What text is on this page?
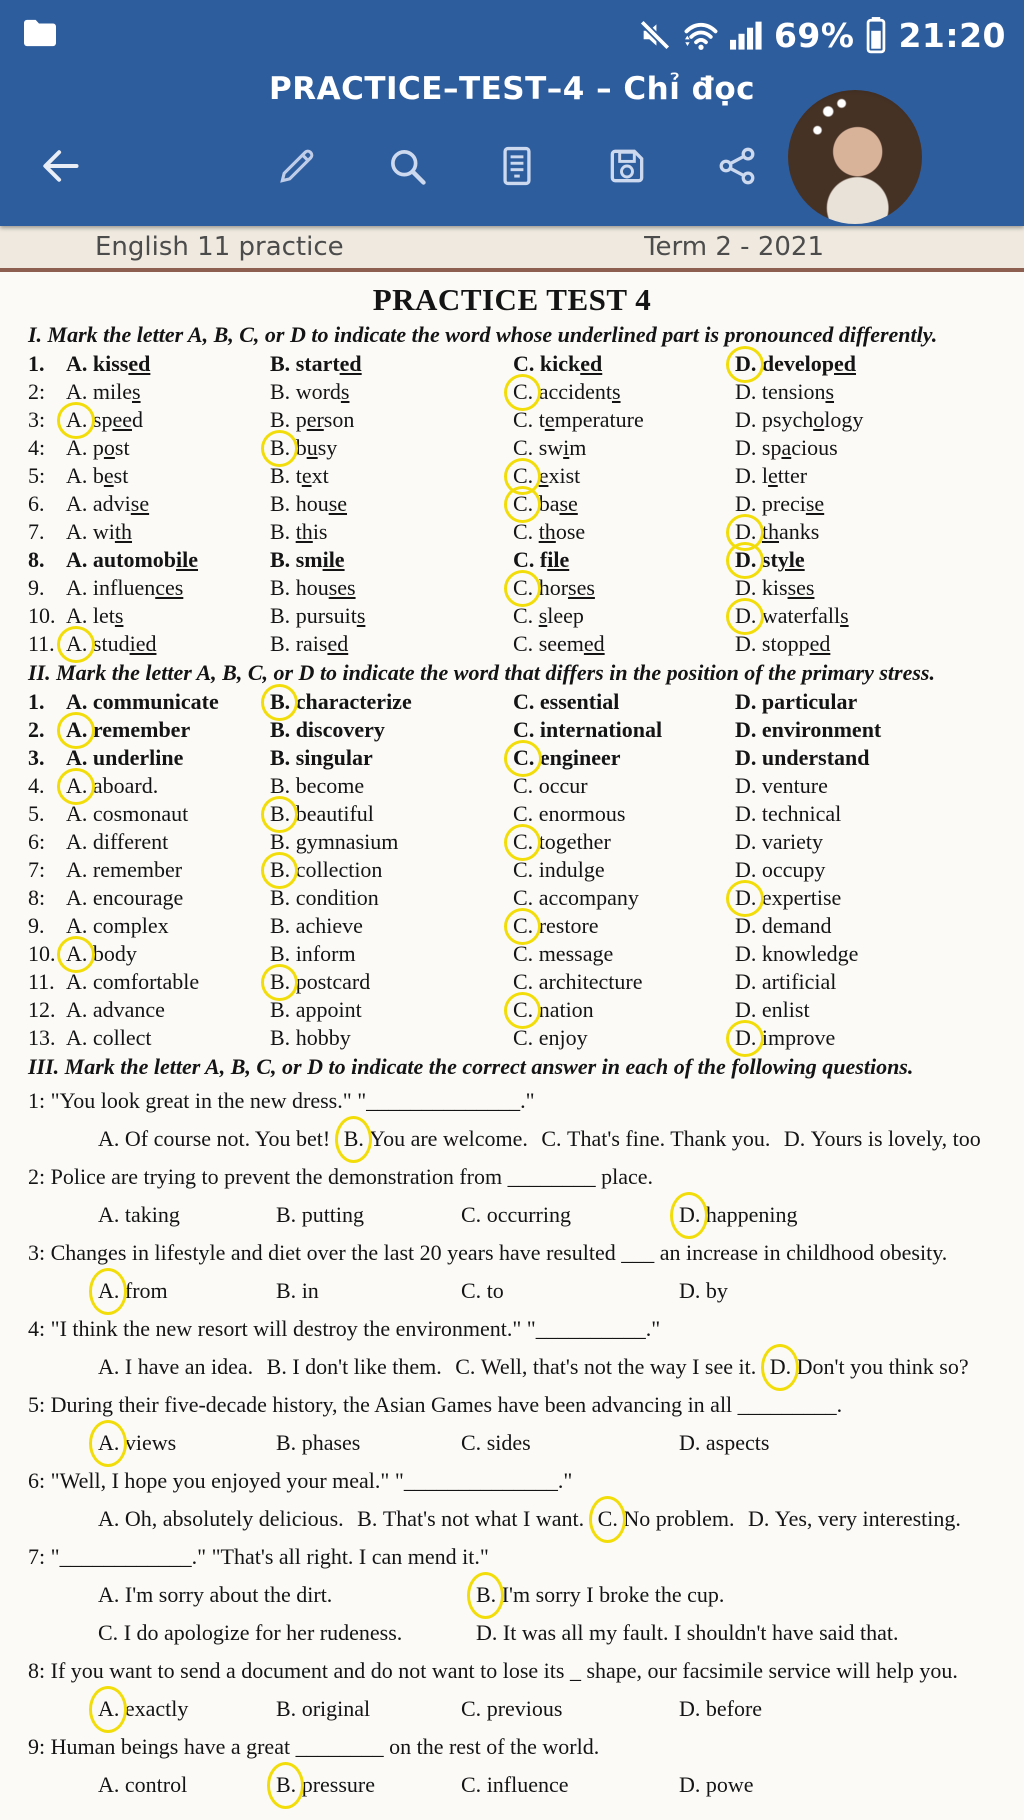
69% 21:20
PRACTICE–TEST–4 – Chỉ đọc
English 11 practice	Term 2 - 2021
PRACTICE TEST 4
I. Mark the letter A, B, C, or D to indicate the word whose underlined part is pronounced differently.
1. A. kissed	B. started	C. kicked	D. developed
2: A. miles	B. words	C. accidents	D. tensions
3: A. speed	B. person	C. temperature	D. psychology
4: A. post	B. busy	C. swim	D. spacious
5: A. best	B. text	C. exist	D. letter
6. A. advise	B. house	C. base	D. precise
7. A. with	B. this	C. those	D. thanks
8. A. automobile	B. smile	C. file	D. style
9. A. influences	B. houses	C. horses	D. kisses
10. A. lets	B. pursuits	C. sleep	D. waterfalls
11. A. studied	B. raised	C. seemed	D. stopped
II. Mark the letter A, B, C, or D to indicate the word that differs in the position of the primary stress.
1. A. communicate	B. characterize	C. essential	D. particular
2. A. remember	B. discovery	C. international	D. environment
3. A. underline	B. singular	C. engineer	D. understand
4. A. aboard.	B. become	C. occur	D. venture
5. A. cosmonaut	B. beautiful	C. enormous	D. technical
6: A. different	B. gymnasium	C. together	D. variety
7: A. remember	B. collection	C. indulge	D. occupy
8: A. encourage	B. condition	C. accompany	D. expertise
9. A. complex	B. achieve	C. restore	D. demand
10. A. body	B. inform	C. message	D. knowledge
11. A. comfortable	B. postcard	C. architecture	D. artificial
12. A. advance	B. appoint	C. nation	D. enlist
13. A. collect	B. hobby	C. enjoy	D. improve
III. Mark the letter A, B, C, or D to indicate the correct answer in each of the following questions.
1: "You look great in the new dress." "______________."
A. Of course not. You bet! B. You are welcome. C. That's fine. Thank you. D. Yours is lovely, too
2: Police are trying to prevent the demonstration from ________ place.
A. taking	B. putting	C. occurring	D. happening
3: Changes in lifestyle and diet over the last 20 years have resulted ___ an increase in childhood obesity.
A. from	B. in	C. to	D. by
4: "I think the new resort will destroy the environment." "__________."
A. I have an idea. B. I don't like them. C. Well, that's not the way I see it. D. Don't you think so?
5: During their five-decade history, the Asian Games have been advancing in all _________.
A. views	B. phases	C. sides	D. aspects
6: "Well, I hope you enjoyed your meal." "______________."
A. Oh, absolutely delicious. B. That's not what I want. C. No problem. D. Yes, very interesting.
7: "____________." "That's all right. I can mend it."
A. I'm sorry about the dirt.	B. I'm sorry I broke the cup.
C. I do apologize for her rudeness.	D. It was all my fault. I shouldn't have said that.
8: If you want to send a document and do not want to lose its _ shape, our facsimile service will help you.
A. exactly	B. original	C. previous	D. before
9: Human beings have a great ________ on the rest of the world.
A. control	B. pressure	C. influence	D. powe
